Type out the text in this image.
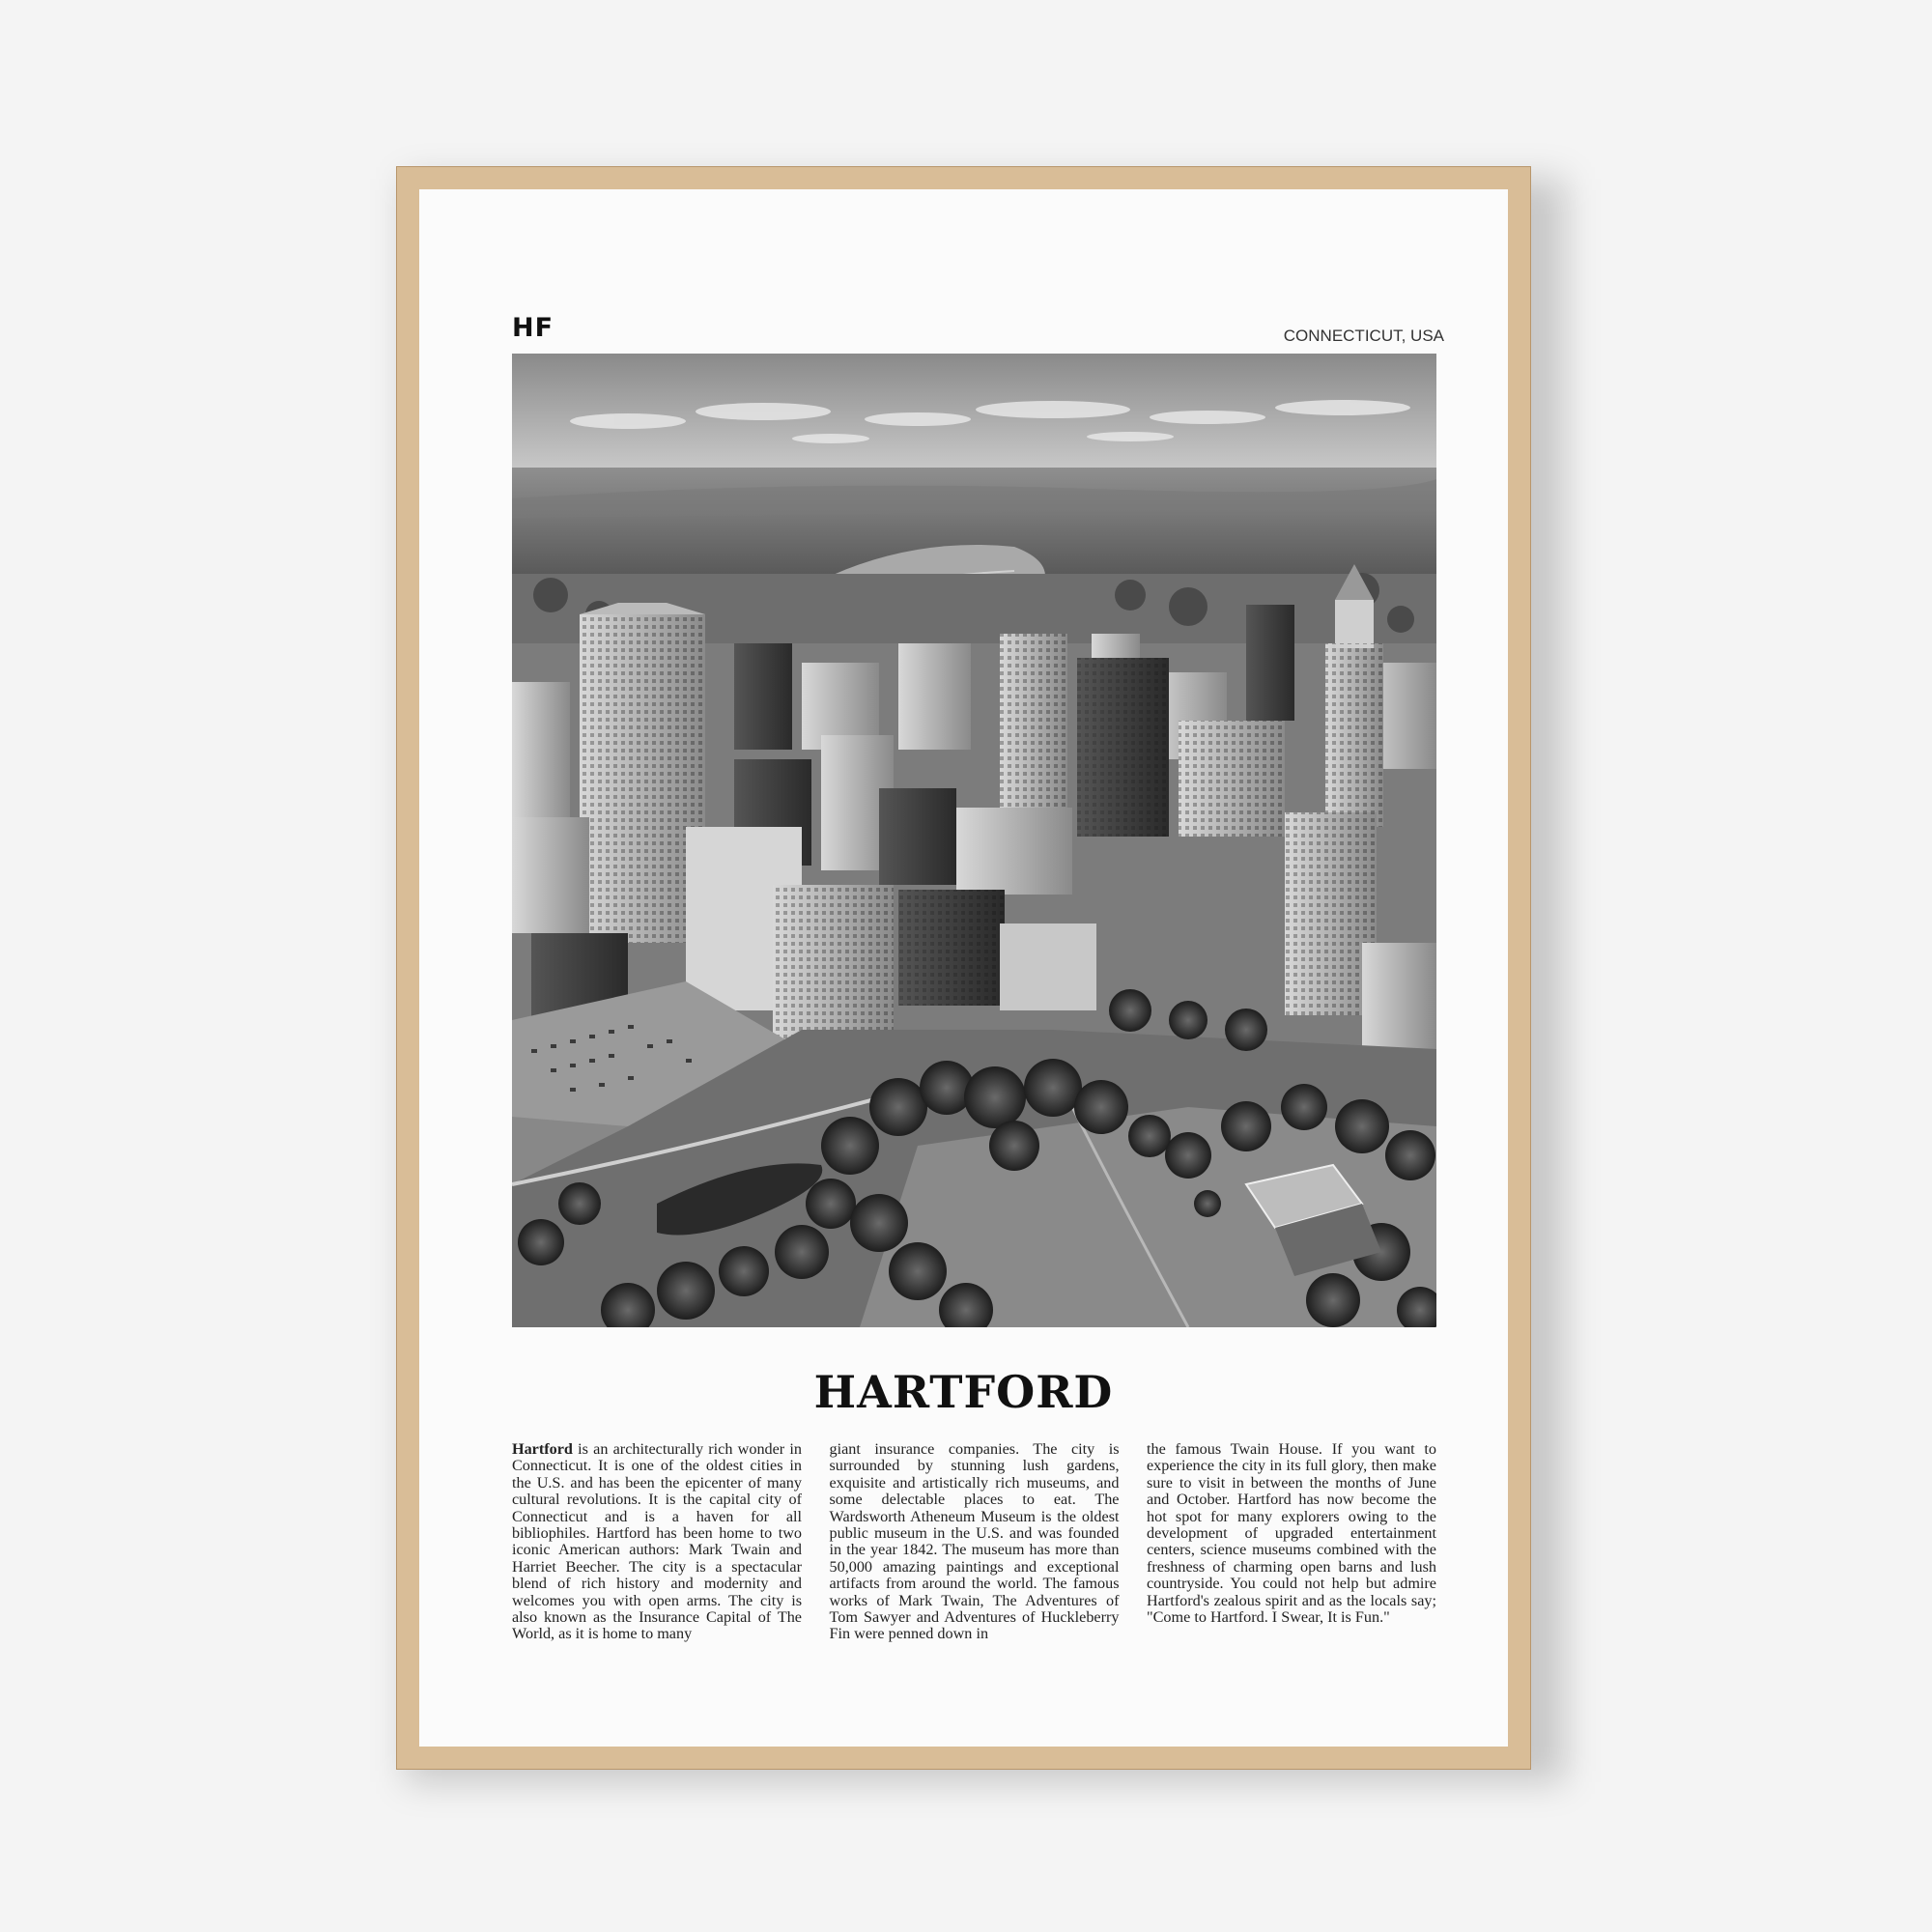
HF	CONNECTICUT, USA
HARTFORD
Hartford is an architecturally rich wonder in Connecticut. It is one of the oldest cities in the U.S. and has been the epicenter of many cultural revolutions. It is the capital city of Connecticut and is a haven for all bibliophiles. Hartford has been home to two iconic American authors: Mark Twain and Harriet Beecher. The city is a spectacular blend of rich history and modernity and welcomes you with open arms. The city is also known as the Insurance Capital of The World, as it is home to many
giant insurance companies. The city is surrounded by stunning lush gardens, exquisite and artistically rich museums, and some delectable places to eat. The Wardsworth Atheneum Museum is the oldest public museum in the U.S. and was founded in the year 1842. The museum has more than 50,000 amazing paintings and exceptional artifacts from around the world. The famous works of Mark Twain, The Adventures of Tom Sawyer and Adventures of Huckleberry Fin were penned down in
the famous Twain House. If you want to experience the city in its full glory, then make sure to visit in between the months of June and October. Hartford has now become the hot spot for many explorers owing to the development of upgraded entertainment centers, science museums combined with the freshness of charming open barns and lush countryside. You could not help but admire Hartford's zealous spirit and as the locals say; "Come to Hartford. I Swear, It is Fun."
